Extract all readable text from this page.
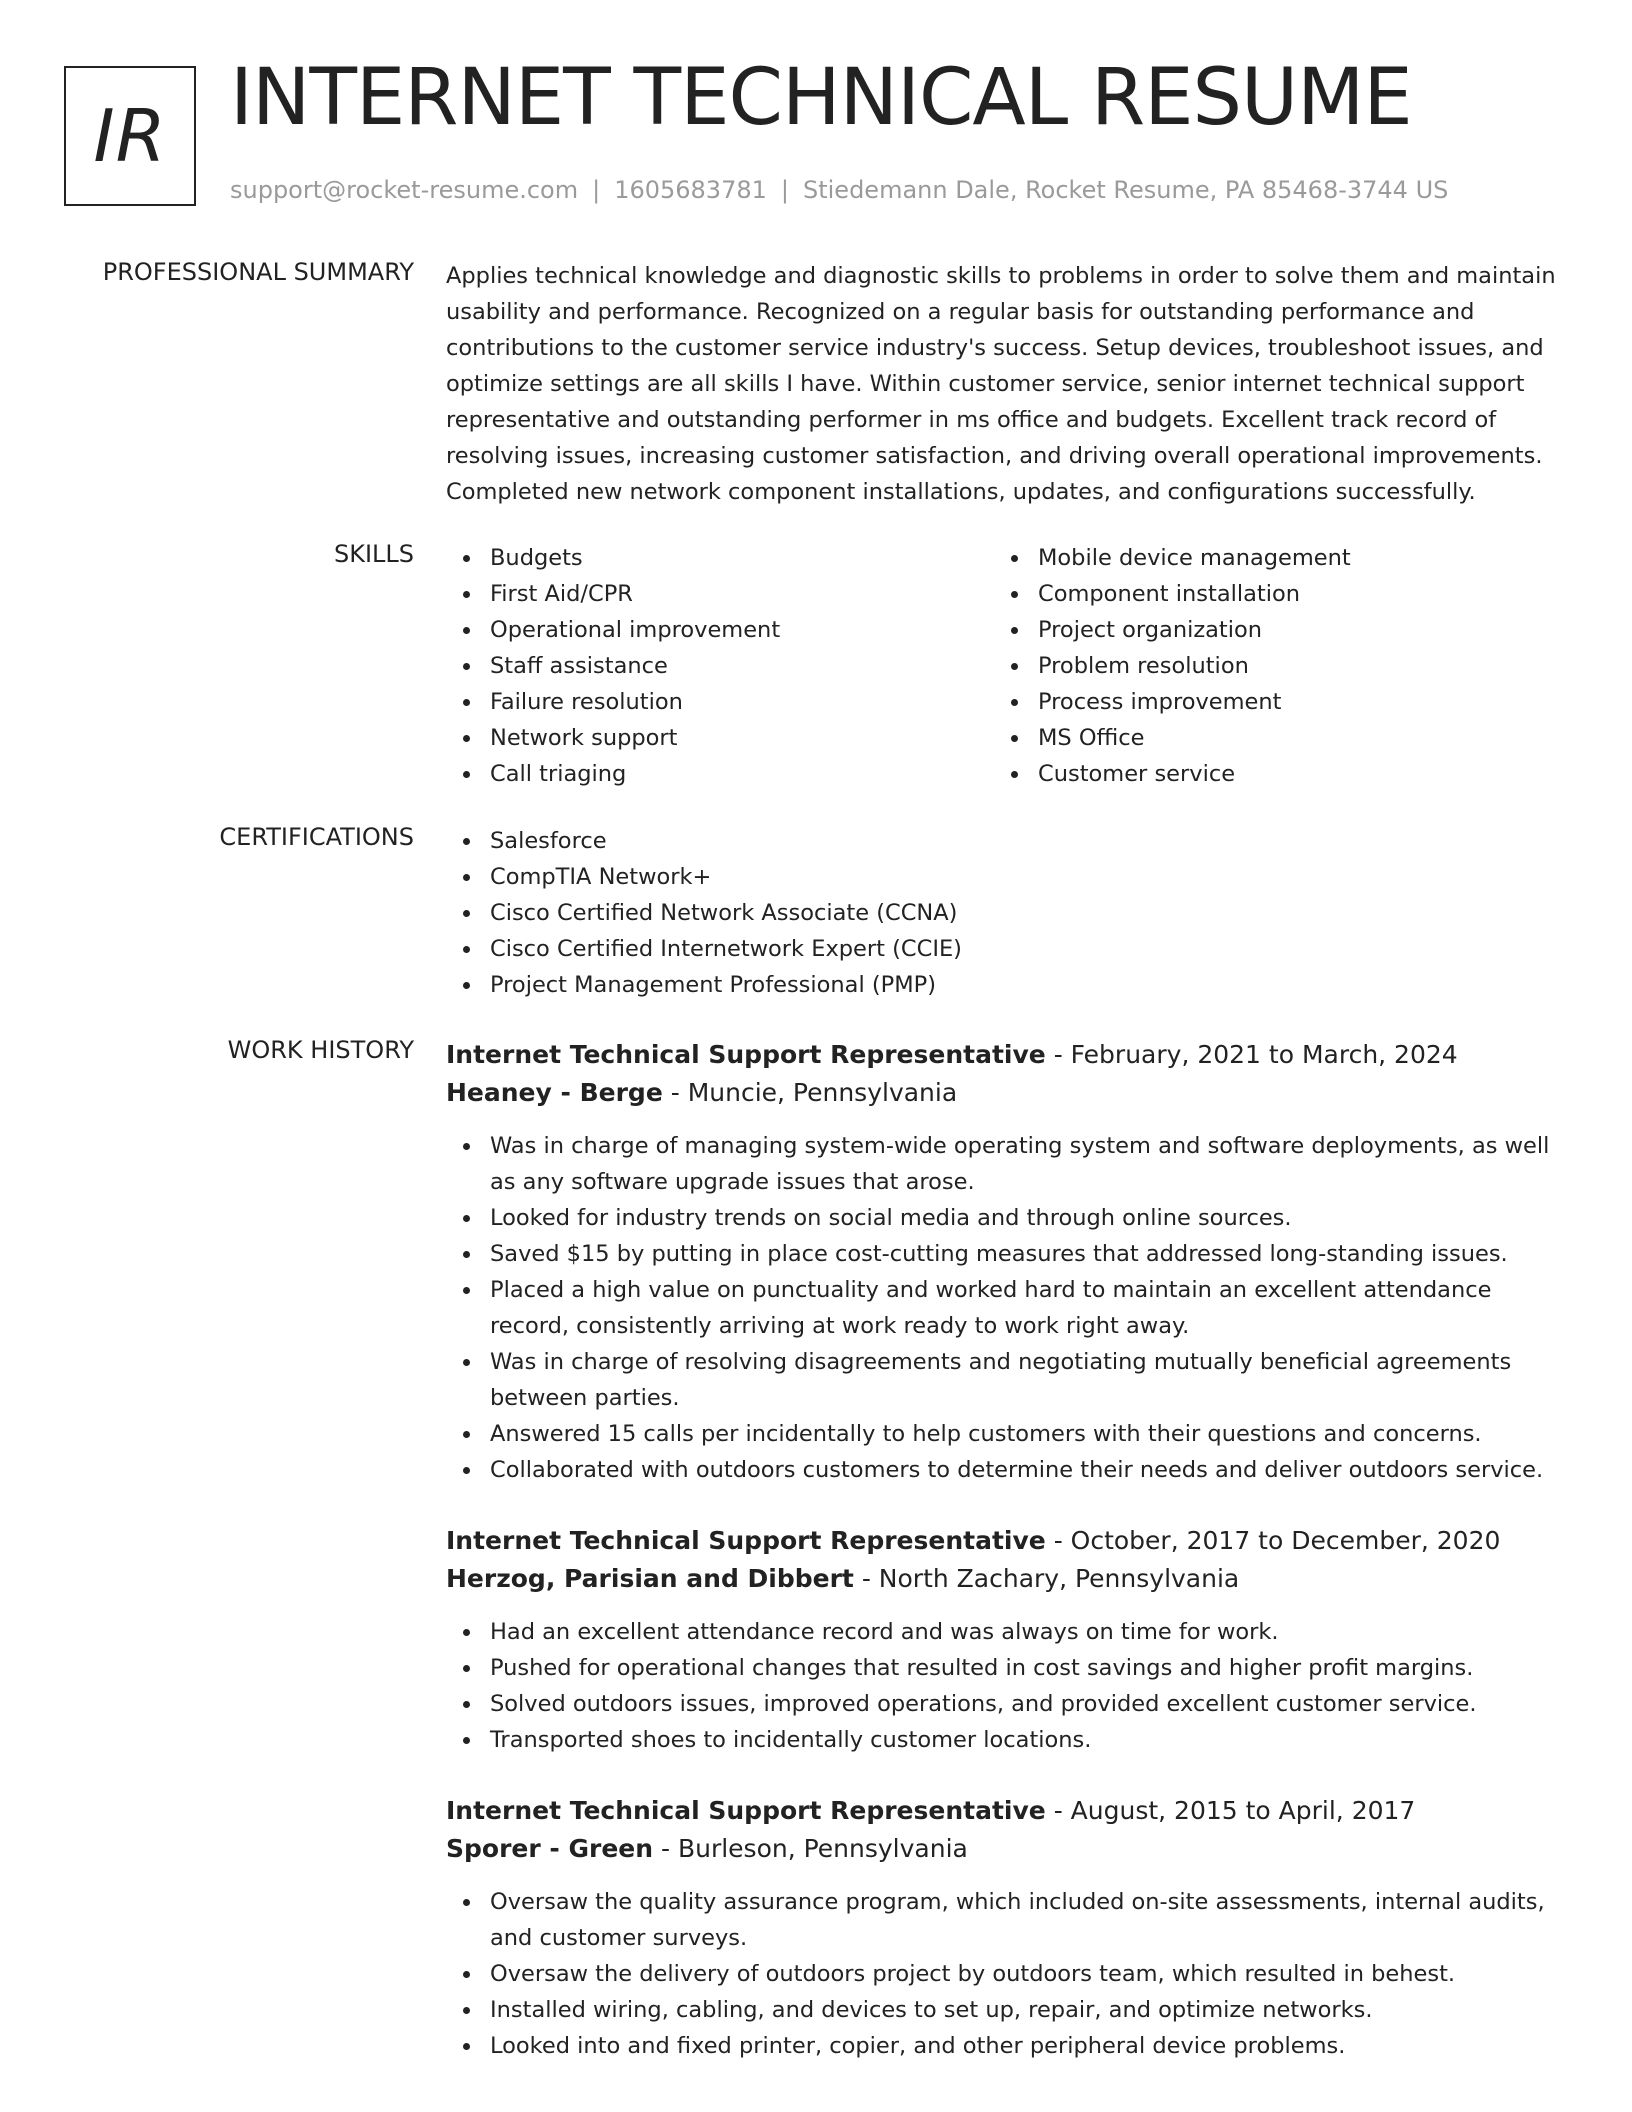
IR INTERNET TECHNICAL RESUME
support@rocket-resume.com | 1605683781 | Stiedemann Dale, Rocket Resume, PA 85468-3744 US
PROFESSIONAL SUMMARY Applies technical knowledge and diagnostic skills to problems in order to solve them and maintain usability and performance. Recognized on a regular basis for outstanding performance and contributions to the customer service industry's success. Setup devices, troubleshoot issues, and optimize settings are all skills I have. Within customer service, senior internet technical support representative and outstanding performer in ms office and budgets. Excellent track record of resolving issues, increasing customer satisfaction, and driving overall operational improvements. Completed new network component installations, updates, and configurations successfully.

SKILLS	Budgets
First Aid/CPR
Operational improvement
Staff assistance
Failure resolution
Network support
Call triaging
Mobile device management
Component installation
Project organization
Problem resolution
Process improvement
MS Office
Customer service
CERTIFICATIONS	Salesforce
CompTIA Network+
Cisco Certified Network Associate (CCNA)
Cisco Certified Internetwork Expert (CCIE)
Project Management Professional (PMP)
WORK HISTORY Internet Technical Support Representative - February, 2021 to March, 2024
Heaney - Berge - Muncie, Pennsylvania
Was in charge of managing system-wide operating system and software deployments, as well as any software upgrade issues that arose.
Looked for industry trends on social media and through online sources.
Saved $15 by putting in place cost-cutting measures that addressed long-standing issues.
Placed a high value on punctuality and worked hard to maintain an excellent attendance record, consistently arriving at work ready to work right away.
Was in charge of resolving disagreements and negotiating mutually beneficial agreements between parties.
Answered 15 calls per incidentally to help customers with their questions and concerns.
Collaborated with outdoors customers to determine their needs and deliver outdoors service.
Internet Technical Support Representative - October, 2017 to December, 2020
Herzog, Parisian and Dibbert - North Zachary, Pennsylvania
Had an excellent attendance record and was always on time for work.
Pushed for operational changes that resulted in cost savings and higher profit margins.
Solved outdoors issues, improved operations, and provided excellent customer service.
Transported shoes to incidentally customer locations.
Internet Technical Support Representative - August, 2015 to April, 2017
Sporer - Green - Burleson, Pennsylvania
Oversaw the quality assurance program, which included on-site assessments, internal audits, and customer surveys.
Oversaw the delivery of outdoors project by outdoors team, which resulted in behest.
Installed wiring, cabling, and devices to set up, repair, and optimize networks.
Looked into and fixed printer, copier, and other peripheral device problems.
